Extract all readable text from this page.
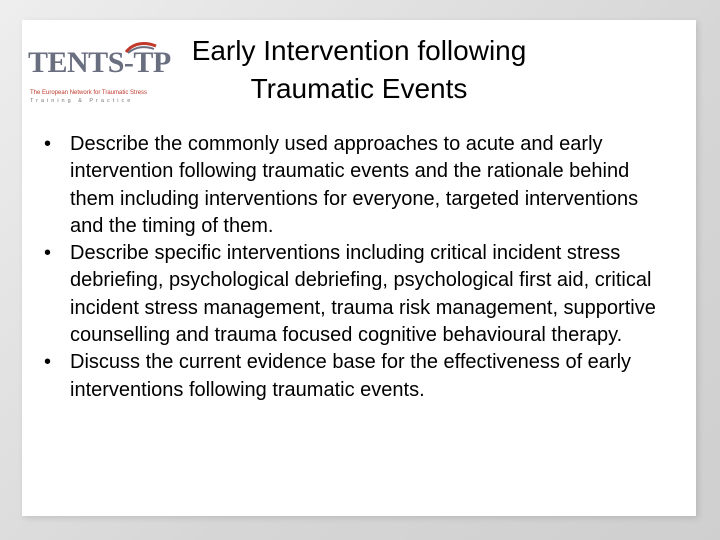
TENTS-TP
The European Network for Traumatic Stress
Training & Practice
Early Intervention following
Traumatic Events
• Describe the commonly used approaches to acute and early intervention following traumatic events and the rationale behind them including interventions for everyone, targeted interventions and the timing of them.
• Describe specific interventions including critical incident stress debriefing, psychological debriefing, psychological first aid, critical incident stress management, trauma risk management, supportive counselling and trauma focused cognitive behavioural therapy.
• Discuss the current evidence base for the effectiveness of early interventions following traumatic events.
